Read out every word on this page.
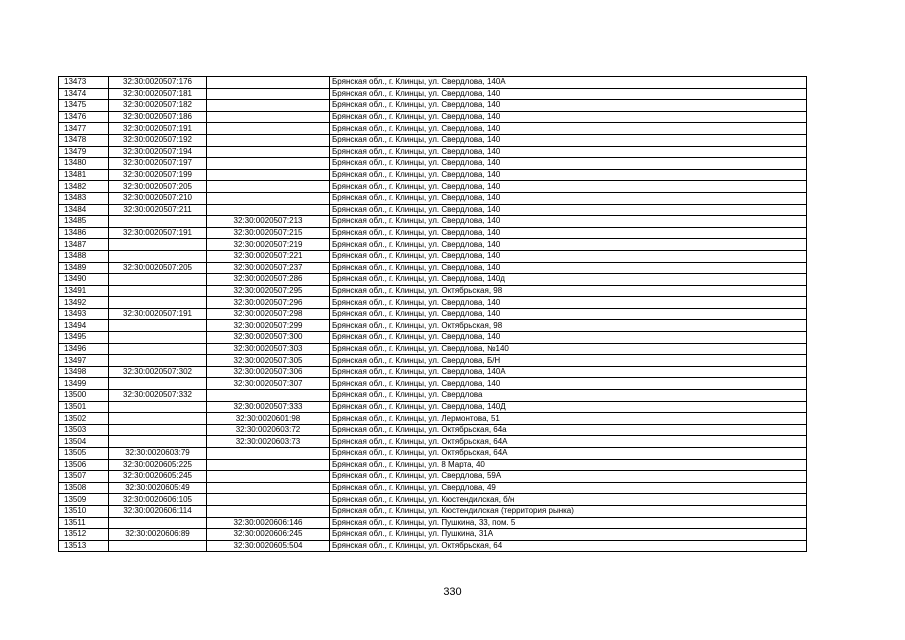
13473	32:30:0020507:176		Брянская обл., г. Клинцы, ул. Свердлова, 140А
13474	32:30:0020507:181		Брянская обл., г. Клинцы, ул. Свердлова, 140
13475	32:30:0020507:182		Брянская обл., г. Клинцы, ул. Свердлова, 140
13476	32:30:0020507:186		Брянская обл., г. Клинцы, ул. Свердлова, 140
13477	32:30:0020507:191		Брянская обл., г. Клинцы, ул. Свердлова, 140
13478	32:30:0020507:192		Брянская обл., г. Клинцы, ул. Свердлова, 140
13479	32:30:0020507:194		Брянская обл., г. Клинцы, ул. Свердлова, 140
13480	32:30:0020507:197		Брянская обл., г. Клинцы, ул. Свердлова, 140
13481	32:30:0020507:199		Брянская обл., г. Клинцы, ул. Свердлова, 140
13482	32:30:0020507:205		Брянская обл., г. Клинцы, ул. Свердлова, 140
13483	32:30:0020507:210		Брянская обл., г. Клинцы, ул. Свердлова, 140
13484	32:30:0020507:211		Брянская обл., г. Клинцы, ул. Свердлова, 140
13485		32:30:0020507:213	Брянская обл., г. Клинцы, ул. Свердлова, 140
13486	32:30:0020507:191	32:30:0020507:215	Брянская обл., г. Клинцы, ул. Свердлова, 140
13487		32:30:0020507:219	Брянская обл., г. Клинцы, ул. Свердлова, 140
13488		32:30:0020507:221	Брянская обл., г. Клинцы, ул. Свердлова, 140
13489	32:30:0020507:205	32:30:0020507:237	Брянская обл., г. Клинцы, ул. Свердлова, 140
13490		32:30:0020507:286	Брянская обл., г. Клинцы, ул. Свердлова, 140д
13491		32:30:0020507:295	Брянская обл., г. Клинцы, ул. Октябрьская, 98
13492		32:30:0020507:296	Брянская обл., г. Клинцы, ул. Свердлова, 140
13493	32:30:0020507:191	32:30:0020507:298	Брянская обл., г. Клинцы, ул. Свердлова, 140
13494		32:30:0020507:299	Брянская обл., г. Клинцы, ул. Октябрьская, 98
13495		32:30:0020507:300	Брянская обл., г. Клинцы, ул. Свердлова, 140
13496		32:30:0020507:303	Брянская обл., г. Клинцы, ул. Свердлова, №140
13497		32:30:0020507:305	Брянская обл., г. Клинцы, ул. Свердлова, Б/Н
13498	32:30:0020507:302	32:30:0020507:306	Брянская обл., г. Клинцы, ул. Свердлова, 140А
13499		32:30:0020507:307	Брянская обл., г. Клинцы, ул. Свердлова, 140
13500	32:30:0020507:332		Брянская обл., г. Клинцы, ул. Свердлова
13501		32:30:0020507:333	Брянская обл., г. Клинцы, ул. Свердлова, 140Д
13502		32:30:0020601:98	Брянская обл., г. Клинцы, ул. Лермонтова, 51
13503		32:30:0020603:72	Брянская обл., г. Клинцы, ул. Октябрьская, 64а
13504		32:30:0020603:73	Брянская обл., г. Клинцы, ул. Октябрьская, 64А
13505	32:30:0020603:79		Брянская обл., г. Клинцы, ул. Октябрьская, 64А
13506	32:30:0020605:225		Брянская обл., г. Клинцы, ул. 8 Марта, 40
13507	32:30:0020605:245		Брянская обл., г. Клинцы, ул. Свердлова, 59А
13508	32:30:0020605:49		Брянская обл., г. Клинцы, ул. Свердлова, 49
13509	32:30:0020606:105		Брянская обл., г. Клинцы, ул. Кюстендилская, б/н
13510	32:30:0020606:114		Брянская обл., г. Клинцы, ул. Кюстендилская (территория рынка)
13511		32:30:0020606:146	Брянская обл., г. Клинцы, ул. Пушкина, 33, пом. 5
13512	32:30:0020606:89	32:30:0020606:245	Брянская обл., г. Клинцы, ул. Пушкина, 31А
13513		32:30:0020605:504	Брянская обл., г. Клинцы, ул. Октябрьская, 64
330
